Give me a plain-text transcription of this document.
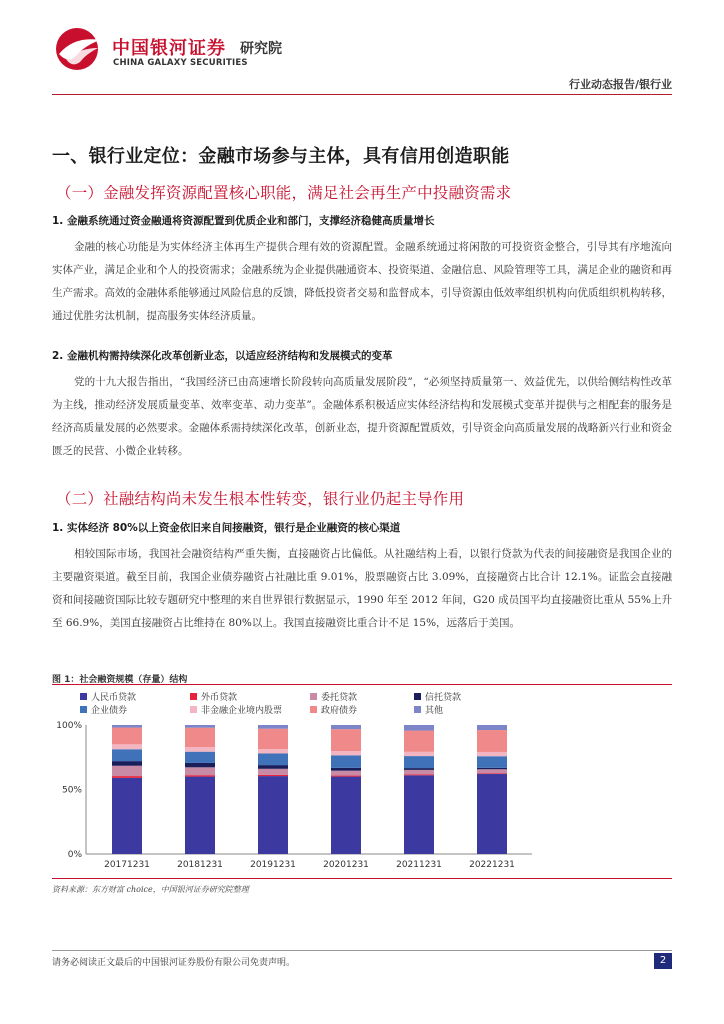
中国银河证券 研究院
CHINA GALAXY SECURITIES
行业动态报告/银行业
一、银行业定位：金融市场参与主体，具有信用创造职能
（一）金融发挥资源配置核心职能，满足社会再生产中投融资需求
1. 金融系统通过资金融通将资源配置到优质企业和部门，支撑经济稳健高质量增长
金融的核心功能是为实体经济主体再生产提供合理有效的资源配置。金融系统通过将闲散的可投资资金整合，引导其有序地流向实体产业，满足企业和个人的投资需求；金融系统为企业提供融通资本、投资渠道、金融信息、风险管理等工具，满足企业的融资和再生产需求。高效的金融体系能够通过风险信息的反馈，降低投资者交易和监督成本，引导资源由低效率组织机构向优质组织机构转移，通过优胜劣汰机制，提高服务实体经济质量。
2. 金融机构需持续深化改革创新业态，以适应经济结构和发展模式的变革
党的十九大报告指出，“我国经济已由高速增长阶段转向高质量发展阶段”，“必须坚持质量第一、效益优先，以供给侧结构性改革为主线，推动经济发展质量变革、效率变革、动力变革”。金融体系积极适应实体经济结构和发展模式变革并提供与之相配套的服务是经济高质量发展的必然要求。金融体系需持续深化改革，创新业态，提升资源配置质效，引导资金向高质量发展的战略新兴行业和资金匮乏的民营、小微企业转移。
（二）社融结构尚未发生根本性转变，银行业仍起主导作用
1. 实体经济 80%以上资金依旧来自间接融资，银行是企业融资的核心渠道
相较国际市场，我国社会融资结构严重失衡，直接融资占比偏低。从社融结构上看，以银行贷款为代表的间接融资是我国企业的主要融资渠道。截至目前，我国企业债券融资占社融比重 9.01%，股票融资占比 3.09%，直接融资占比合计 12.1%。证监会直接融资和间接融资国际比较专题研究中整理的来自世界银行数据显示，1990 年至 2012 年间，G20 成员国平均直接融资比重从 55%上升至 66.9%，美国直接融资占比维持在 80%以上。我国直接融资比重合计不足 15%，远落后于美国。
图 1：社会融资规模（存量）结构
人民币贷款	外币贷款	委托贷款	信托贷款
企业债券	非金融企业境内股票	政府债券	其他
0%
50%
100%
20171231	20181231	20191231	20201231	20211231	20221231
资料来源：东方财富 choice，中国银河证券研究院整理
请务必阅读正文最后的中国银河证券股份有限公司免责声明。	2
